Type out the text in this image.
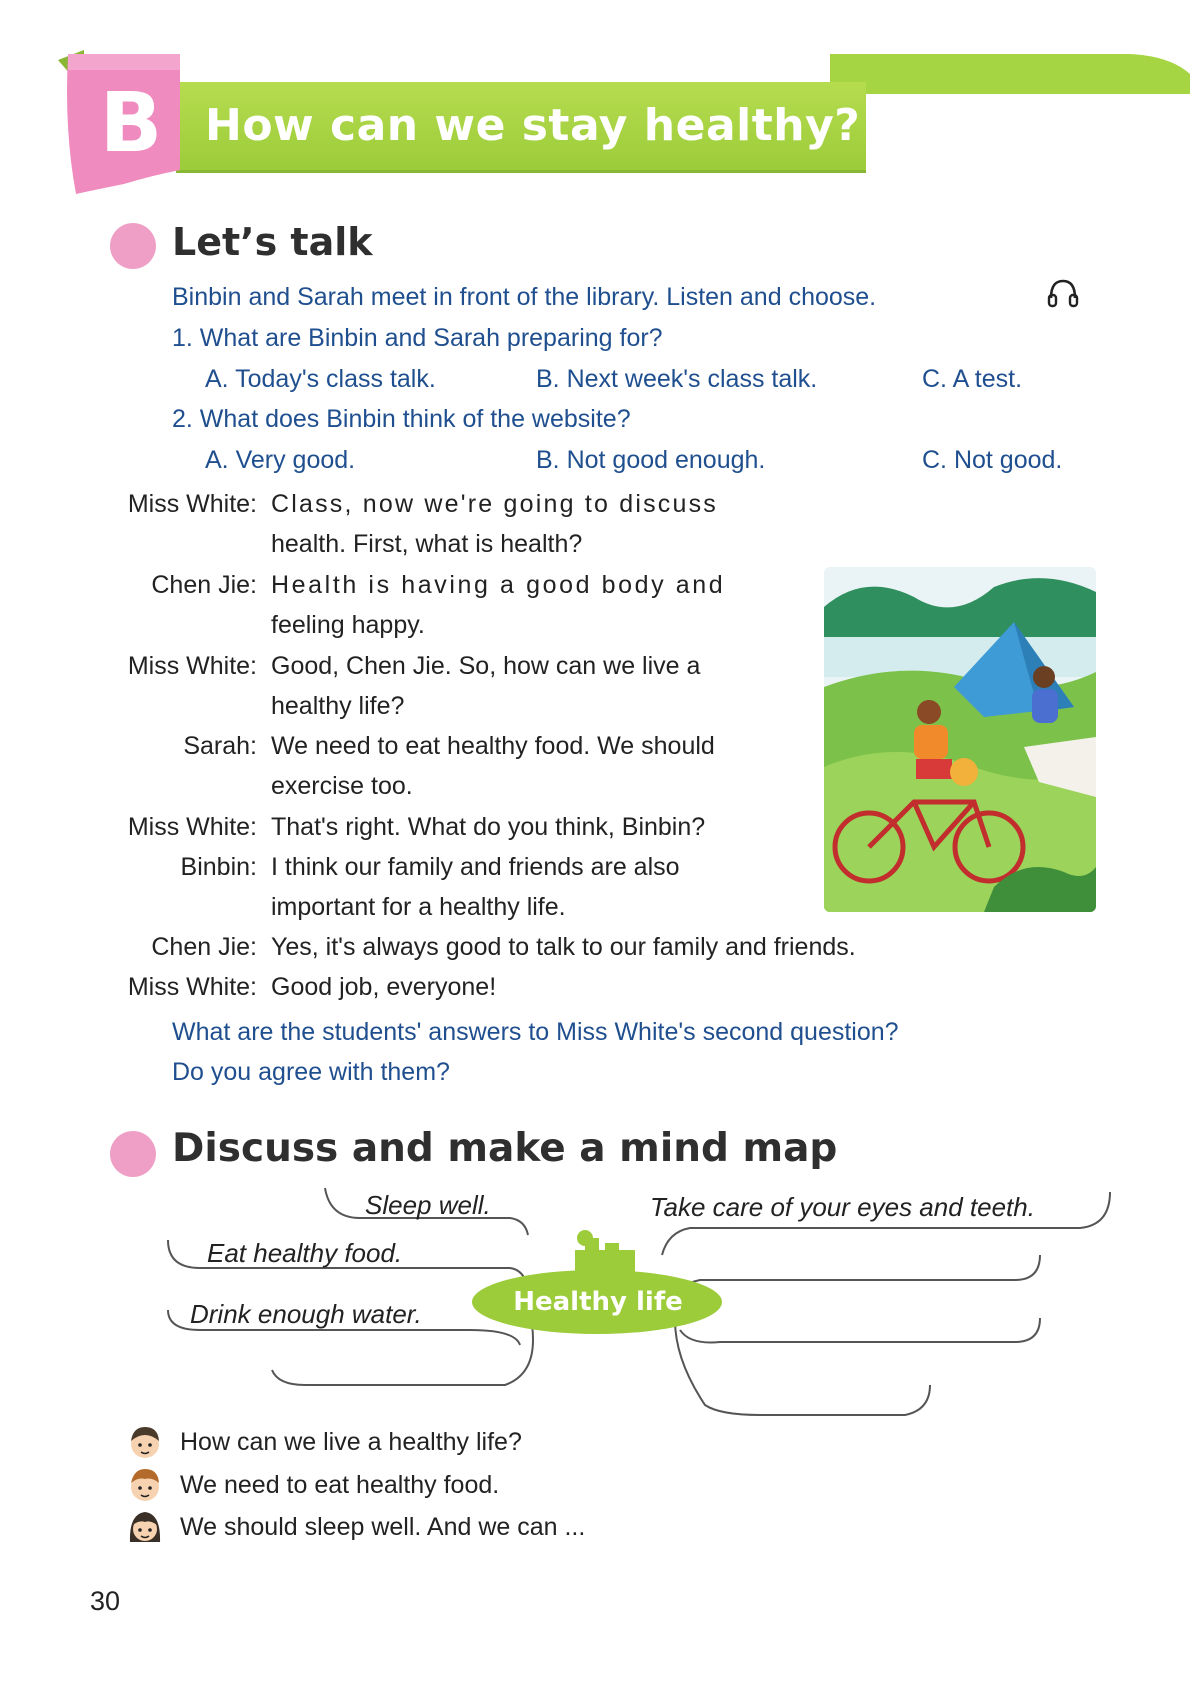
How can we stay healthy?
B
Let’s talk
Binbin and Sarah meet in front of the library. Listen and choose.
1. What are Binbin and Sarah preparing for?
A. Today's class talk.	B. Next week's class talk.	C. A test.
2. What does Binbin think of the website?
A. Very good.	B. Not good enough.	C. Not good.
Miss White: Class, now we're going to discuss
health. First, what is health?
Chen Jie: Health is having a good body and
feeling happy.
Miss White: Good, Chen Jie. So, how can we live a
healthy life?
Sarah: We need to eat healthy food. We should
exercise too.
Miss White: That's right. What do you think, Binbin?
Binbin: I think our family and friends are also
important for a healthy life.
Chen Jie: Yes, it's always good to talk to our family and friends.
Miss White: Good job, everyone!
What are the students' answers to Miss White's second question?
Do you agree with them?
Discuss and make a mind map
Healthy life
Sleep well.
Eat healthy food.
Drink enough water.
Take care of your eyes and teeth.
How can we live a healthy life?
We need to eat healthy food.
We should sleep well. And we can ...
30
